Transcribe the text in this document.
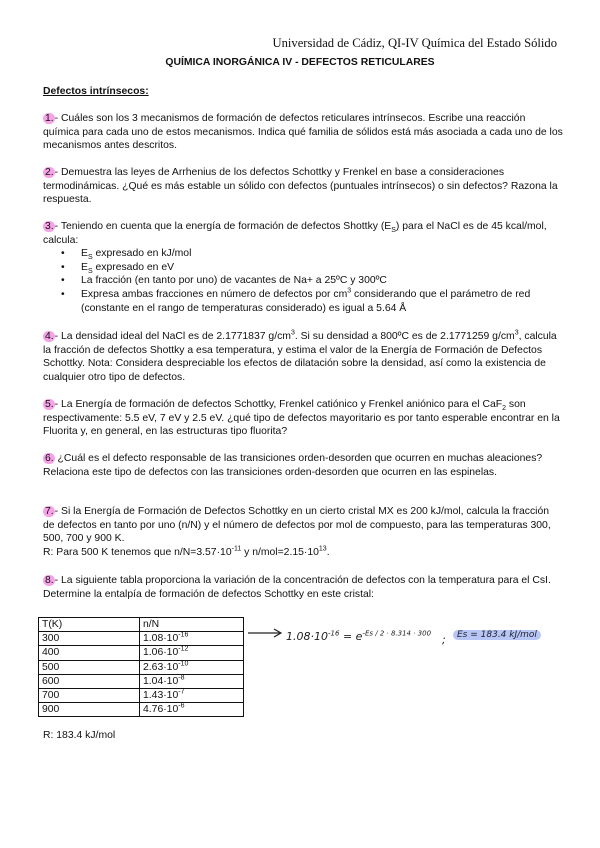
Universidad de Cádiz, QI-IV Química del Estado Sólido
QUÍMICA INORGÁNICA IV - DEFECTOS RETICULARES
Defectos intrínsecos:

1.- Cuáles son los 3 mecanismos de formación de defectos reticulares intrínsecos. Escribe una reacción química para cada uno de estos mecanismos. Indica qué familia de sólidos está más asociada a cada uno de los mecanismos antes descritos.

2.- Demuestra las leyes de Arrhenius de los defectos Schottky y Frenkel en base a consideraciones termodinámicas. ¿Qué es más estable un sólido con defectos (puntuales intrínsecos) o sin defectos? Razona la respuesta.

3.- Teniendo en cuenta que la energía de formación de defectos Shottky $(E_S)$ para el NaCl es de 45 kcal/mol, calcula:

• $E_S$ expresado en kJ/mol
• $E_S$ expresado en eV
• La fracción (en tanto por uno) de vacantes de Na+ a 25ºC y 300ºC
• Expresa ambas fracciones en número de defectos por $cm^3$ considerando que el parámetro de red (constante en el rango de temperaturas considerado) es igual a 5.64 Å

4.- La densidad ideal del NaCl es de 2.1771837 $g/cm^3$. Si su densidad a 800ºC es de 2.1771259 $g/cm^3$, calcula la fracción de defectos Shottky a esa temperatura, y estima el valor de la Energía de Formación de Defectos Schottky. Nota: Considera despreciable los efectos de dilatación sobre la densidad, así como la existencia de cualquier otro tipo de defectos.

5.- La Energía de formación de defectos Schottky, Frenkel catiónico y Frenkel aniónico para el CaF$_2$ son respectivamente: 5.5 eV, 7 eV y 2.5 eV. ¿qué tipo de defectos mayoritario es por tanto esperable encontrar en la Fluorita y, en general, en las estructuras tipo fluorita?

6. ¿Cuál es el defecto responsable de las transiciones orden-desorden que ocurren en muchas aleaciones? Relaciona este tipo de defectos con las transiciones orden-desorden que ocurren en las espinelas.

7.- Si la Energía de Formación de Defectos Schottky en un cierto cristal MX es 200 kJ/mol, calcula la fracción de defectos en tanto por uno (n/N) y el número de defectos por mol de compuesto, para las temperaturas 300, 500, 700 y 900 K.

R: Para 500 K tenemos que $n/N=3.57\cdot 10^{-11}$ y $n/mol=2.15\cdot 10^{13}$.

8.- La siguiente tabla proporciona la variación de la concentración de defectos con la temperatura para el CsI. Determine la entalpía de formación de defectos Schottky en este cristal:

T(K)	n/N
300	$1.08\cdot 10^{-16}$
400	$1.06\cdot 10^{-12}$
500	$2.63\cdot 10^{-10}$
600	$1.04\cdot 10^{-8}$
700	$1.43\cdot 10^{-7}$
900	$4.76\cdot 10^{-6}$
$1.08\cdot 10^{-16} = e^{-Es / 2 \cdot 8.314 \cdot 300}$ ;	Es = 183.4 kJ/mol
R: 183.4 kJ/mol
